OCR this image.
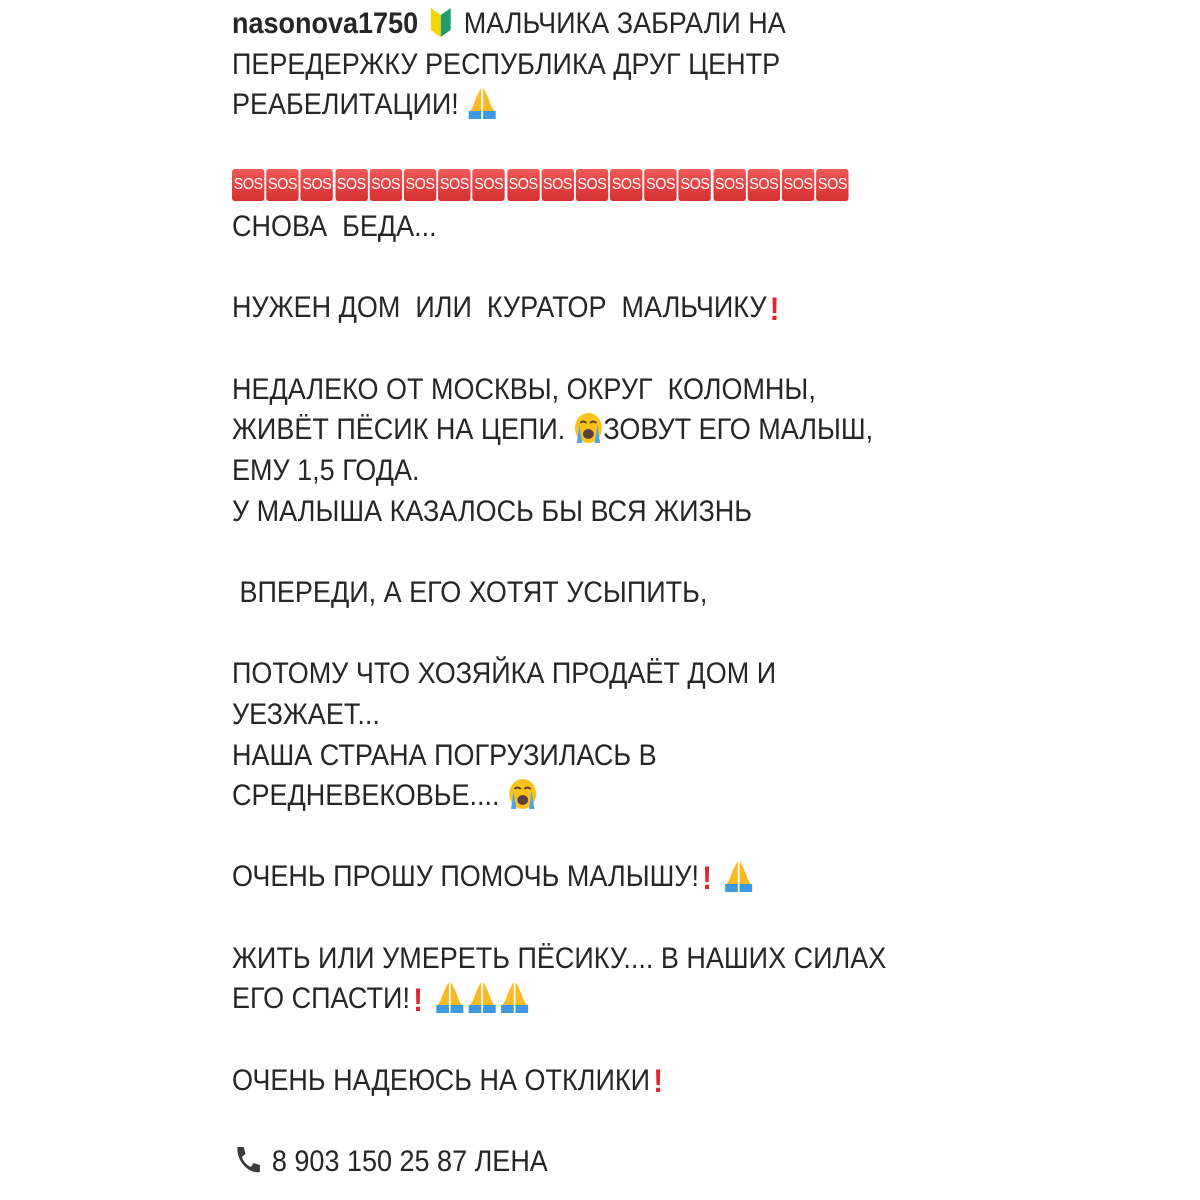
nasonova1750  МАЛЬЧИКА ЗАБРАЛИ НА
ПЕРЕДЕРЖКУ РЕСПУБЛИКА ДРУГ ЦЕНТР
РЕАБЕЛИТАЦИИ!
SOS SOS SOS SOS SOS SOS SOS SOS SOS SOS SOS SOS SOS SOS SOS SOS SOS SOS
СНОВА  БЕДА...
НУЖЕН ДОМ  ИЛИ  КУРАТОР  МАЛЬЧИКУ !
НЕДАЛЕКО ОТ МОСКВЫ, ОКРУГ  КОЛОМНЫ,
ЖИВЁТ ПЁСИК НА ЦЕПИ. ЗОВУТ ЕГО МАЛЫШ,
ЕМУ 1,5 ГОДА.
У МАЛЫША КАЗАЛОСЬ БЫ ВСЯ ЖИЗНЬ
ВПЕРЕДИ, А ЕГО ХОТЯТ УСЫПИТЬ,
ПОТОМУ ЧТО ХОЗЯЙКА ПРОДАЁТ ДОМ И
УЕЗЖАЕТ...
НАША СТРАНА ПОГРУЗИЛАСЬ В
СРЕДНЕВЕКОВЬЕ....
ОЧЕНЬ ПРОШУ ПОМОЧЬ МАЛЫШУ! !
ЖИТЬ ИЛИ УМЕРЕТЬ ПЁСИКУ.... В НАШИХ СИЛАХ
ЕГО СПАСТИ! !
ОЧЕНЬ НАДЕЮСЬ НА ОТКЛИКИ !
8 903 150 25 87 ЛЕНА
